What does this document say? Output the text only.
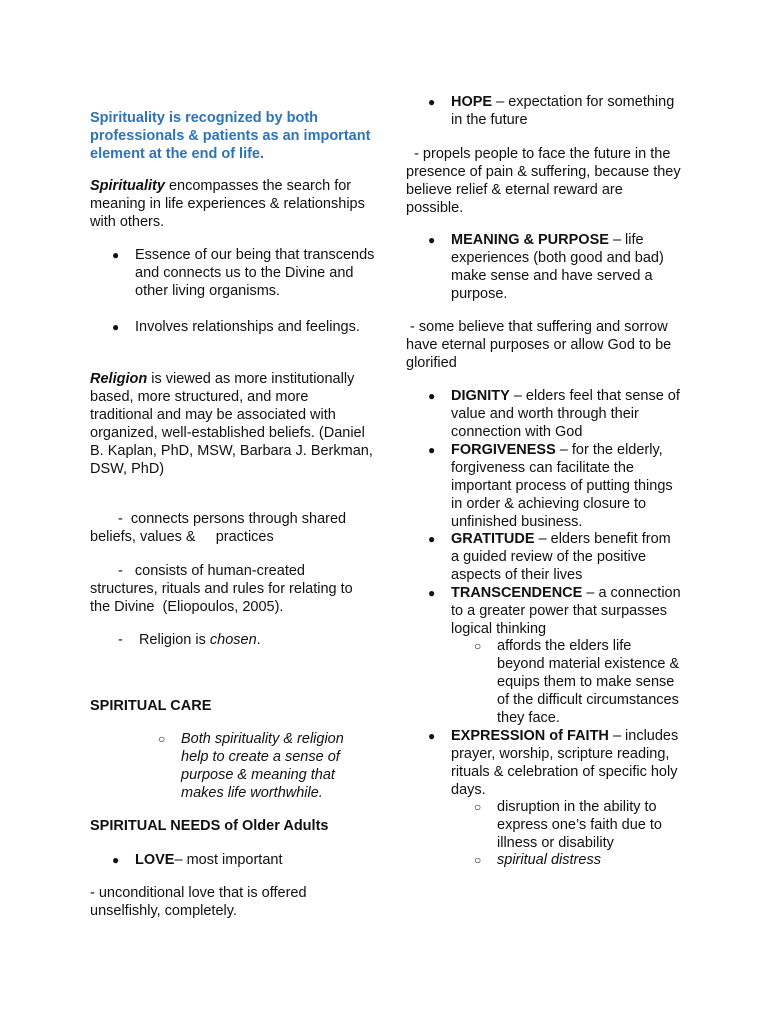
Spirituality is recognized by both professionals & patients as an important element at the end of life.

Spirituality encompasses the search for meaning in life experiences & relationships with others.

● Essence of our being that transcends and connects us to the Divine and other living organisms.

● Involves relationships and feelings.

Religion is viewed as more institutionally based, more structured, and more traditional and may be associated with organized, well-established beliefs. (Daniel B. Kaplan, PhD, MSW, Barbara J. Berkman, DSW, PhD)

-  connects persons through shared beliefs, values &     practices

-   consists of human-created structures, rituals and rules for relating to the Divine  (Eliopoulos, 2005).

-    Religion is chosen.

SPIRITUAL CARE

○ Both spirituality & religion help to create a sense of purpose & meaning that makes life worthwhile.

SPIRITUAL NEEDS of Older Adults

● LOVE– most important

- unconditional love that is offered unselfishly, completely.

● HOPE – expectation for something in the future

- propels people to face the future in the presence of pain & suffering, because they believe relief & eternal reward are possible.

● MEANING & PURPOSE – life experiences (both good and bad) make sense and have served a purpose.

- some believe that suffering and sorrow have eternal purposes or allow God to be glorified

● DIGNITY – elders feel that sense of value and worth through their connection with God

● FORGIVENESS – for the elderly, forgiveness can facilitate the important process of putting things in order & achieving closure to unfinished business.

● GRATITUDE – elders benefit from a guided review of the positive aspects of their lives

● TRANSCENDENCE – a connection to a greater power that surpasses logical thinking

○ affords the elders life beyond material existence & equips them to make sense of the difficult circumstances they face.

● EXPRESSION of FAITH – includes prayer, worship, scripture reading, rituals & celebration of specific holy days.

○ disruption in the ability to express one’s faith due to illness or disability

○ spiritual distress
